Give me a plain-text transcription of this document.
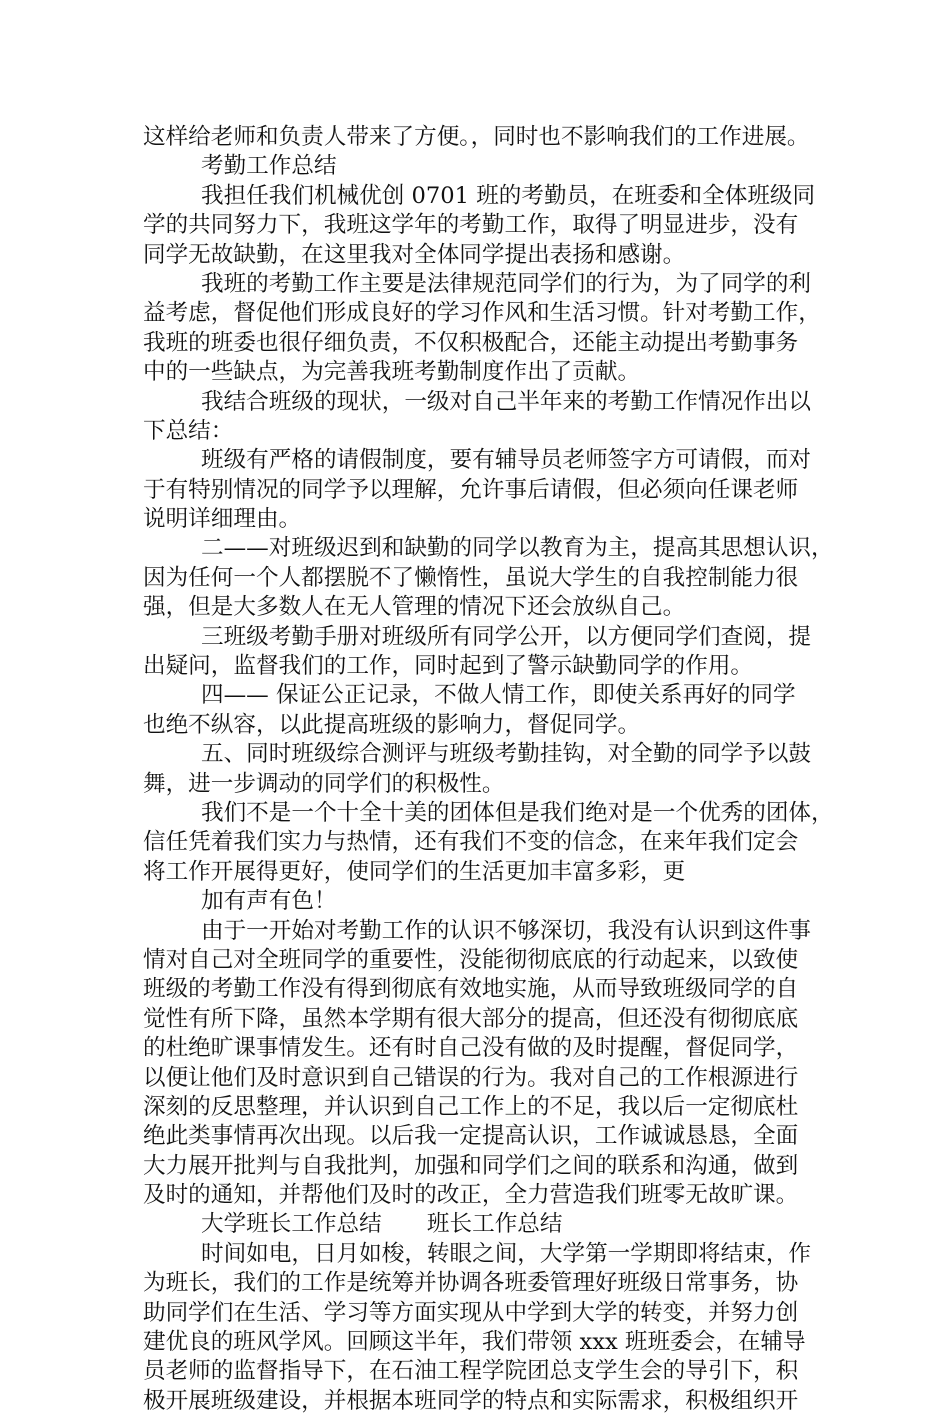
这样给老师和负责人带来了方便。，同时也不影响我们的工作进展。
考勤工作总结
我担任我们机械优创 0701 班的考勤员，在班委和全体班级同
学的共同努力下，我班这学年的考勤工作，取得了明显进步，没有
同学无故缺勤，在这里我对全体同学提出表扬和感谢。
我班的考勤工作主要是法律规范同学们的行为，为了同学的利
益考虑，督促他们形成良好的学习作风和生活习惯。针对考勤工作，
我班的班委也很仔细负责，不仅积极配合，还能主动提出考勤事务
中的一些缺点，为完善我班考勤制度作出了贡献。
我结合班级的现状，一级对自己半年来的考勤工作情况作出以
下总结：
班级有严格的请假制度，要有辅导员老师签字方可请假，而对
于有特别情况的同学予以理解，允许事后请假，但必须向任课老师
说明详细理由。
二——对班级迟到和缺勤的同学以教育为主，提高其思想认识，
因为任何一个人都摆脱不了懒惰性，虽说大学生的自我控制能力很
强，但是大多数人在无人管理的情况下还会放纵自己。
三班级考勤手册对班级所有同学公开，以方便同学们查阅，提
出疑问，监督我们的工作，同时起到了警示缺勤同学的作用。
四—— 保证公正记录，不做人情工作，即使关系再好的同学
也绝不纵容，以此提高班级的影响力，督促同学。
五、同时班级综合测评与班级考勤挂钩，对全勤的同学予以鼓
舞，进一步调动的同学们的积极性。
我们不是一个十全十美的团体但是我们绝对是一个优秀的团体，
信任凭着我们实力与热情，还有我们不变的信念，在来年我们定会
将工作开展得更好，使同学们的生活更加丰富多彩，更
加有声有色！
由于一开始对考勤工作的认识不够深切，我没有认识到这件事
情对自己对全班同学的重要性，没能彻彻底底的行动起来，以致使
班级的考勤工作没有得到彻底有效地实施，从而导致班级同学的自
觉性有所下降，虽然本学期有很大部分的提高，但还没有彻彻底底
的杜绝旷课事情发生。还有时自己没有做的及时提醒，督促同学，
以便让他们及时意识到自己错误的行为。我对自己的工作根源进行
深刻的反思整理，并认识到自己工作上的不足，我以后一定彻底杜
绝此类事情再次出现。以后我一定提高认识，工作诚诚恳恳，全面
大力展开批判与自我批判，加强和同学们之间的联系和沟通，做到
及时的通知，并帮他们及时的改正，全力营造我们班零无故旷课。
大学班长工作总结　　班长工作总结
时间如电，日月如梭，转眼之间，大学第一学期即将结束，作
为班长，我们的工作是统筹并协调各班委管理好班级日常事务，协
助同学们在生活、学习等方面实现从中学到大学的转变，并努力创
建优良的班风学风。回顾这半年，我们带领 xxx 班班委会，在辅导
员老师的监督指导下，在石油工程学院团总支学生会的导引下，积
极开展班级建设，并根据本班同学的特点和实际需求，积极组织开
